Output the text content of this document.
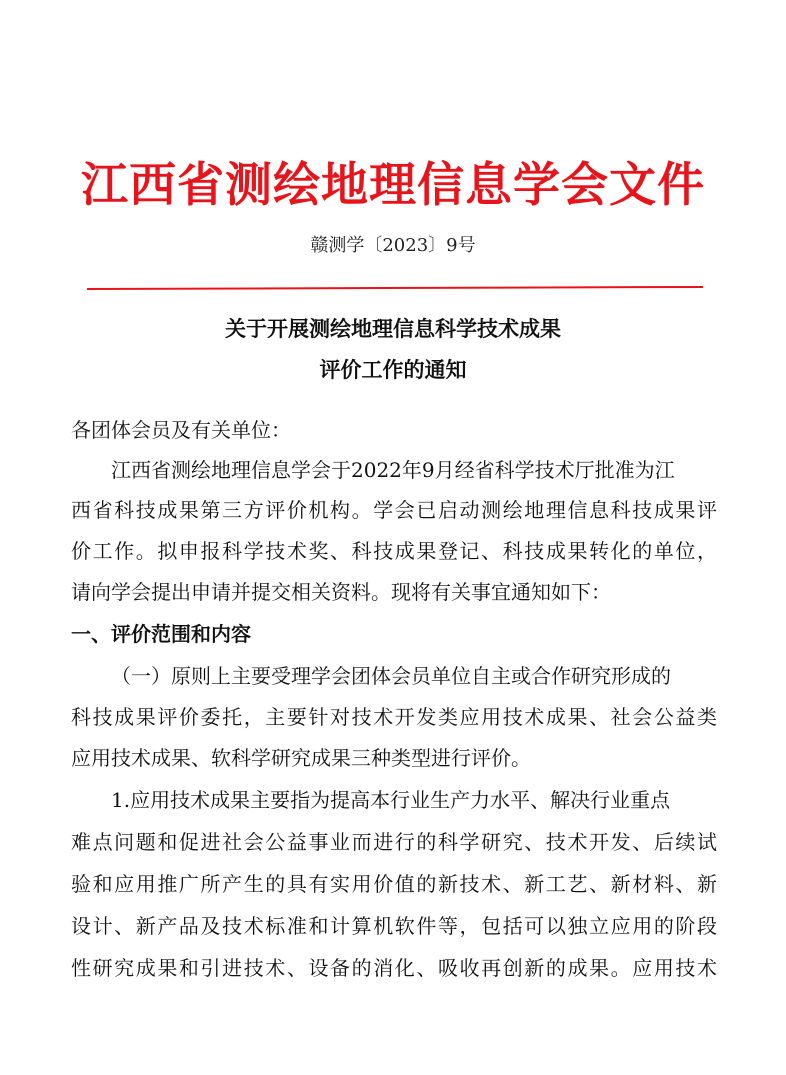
江西省测绘地理信息学会文件
赣测学〔2023〕9号
关于开展测绘地理信息科学技术成果
评价工作的通知
各团体会员及有关单位：
江西省测绘地理信息学会于2022年9月经省科学技术厅批准为江
西省科技成果第三方评价机构。学会已启动测绘地理信息科技成果评
价工作。拟申报科学技术奖、科技成果登记、科技成果转化的单位，
请向学会提出申请并提交相关资料。现将有关事宜通知如下：
一、评价范围和内容
（一）原则上主要受理学会团体会员单位自主或合作研究形成的
科技成果评价委托，主要针对技术开发类应用技术成果、社会公益类
应用技术成果、软科学研究成果三种类型进行评价。
1.应用技术成果主要指为提高本行业生产力水平、解决行业重点
难点问题和促进社会公益事业而进行的科学研究、技术开发、后续试
验和应用推广所产生的具有实用价值的新技术、新工艺、新材料、新
设计、新产品及技术标准和计算机软件等，包括可以独立应用的阶段
性研究成果和引进技术、设备的消化、吸收再创新的成果。应用技术
